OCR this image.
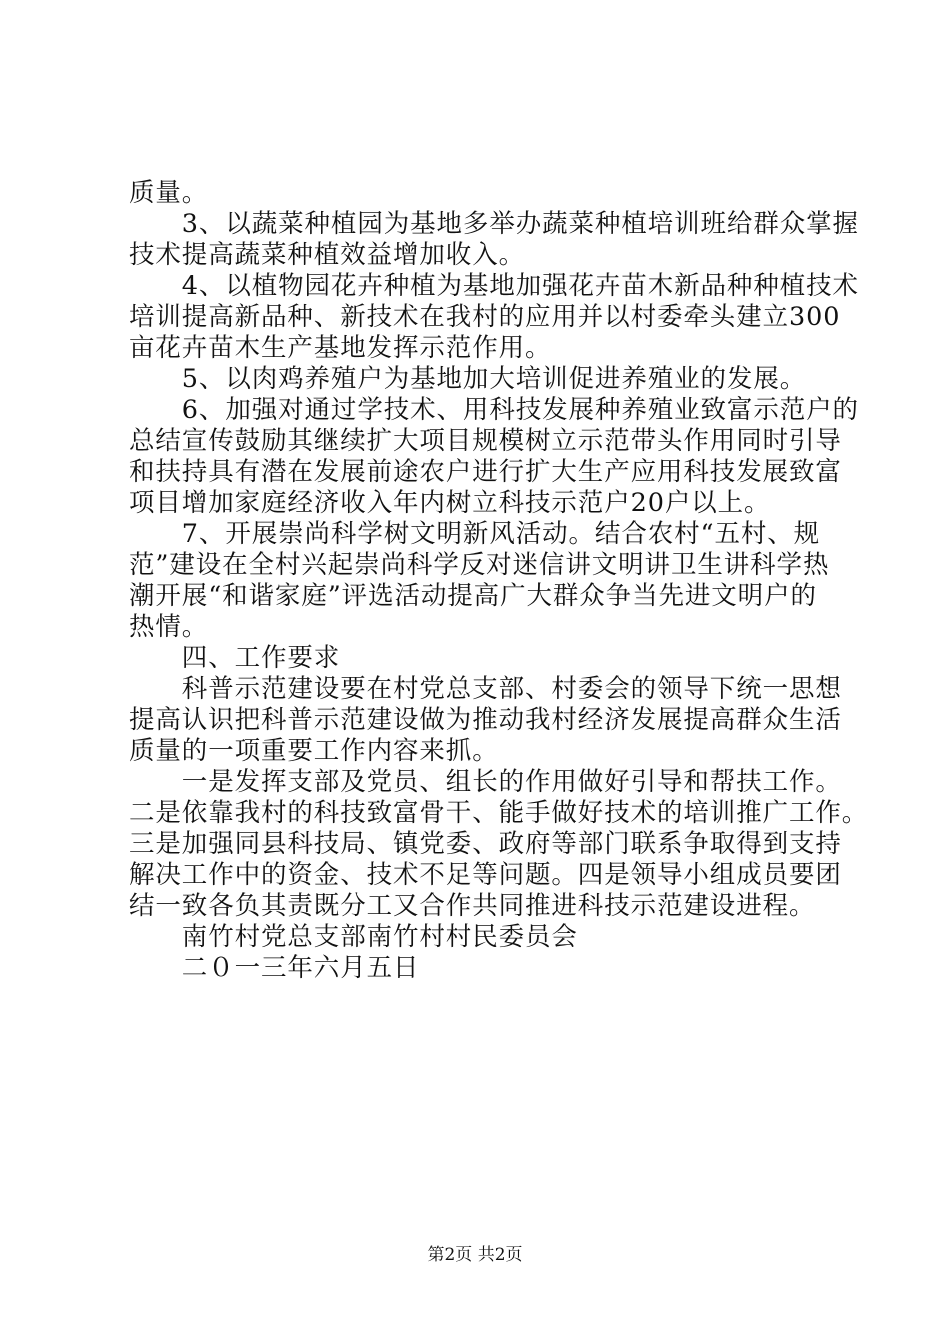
质量。
　　3、以蔬菜种植园为基地多举办蔬菜种植培训班给群众掌握
技术提高蔬菜种植效益增加收入。
　　4、以植物园花卉种植为基地加强花卉苗木新品种种植技术
培训提高新品种、新技术在我村的应用并以村委牵头建立300
亩花卉苗木生产基地发挥示范作用。
　　5、以肉鸡养殖户为基地加大培训促进养殖业的发展。
　　6、加强对通过学技术、用科技发展种养殖业致富示范户的
总结宣传鼓励其继续扩大项目规模树立示范带头作用同时引导
和扶持具有潜在发展前途农户进行扩大生产应用科技发展致富
项目增加家庭经济收入年内树立科技示范户20户以上。
　　7、开展崇尚科学树文明新风活动。结合农村“五村、规
范”建设在全村兴起崇尚科学反对迷信讲文明讲卫生讲科学热
潮开展“和谐家庭”评选活动提高广大群众争当先进文明户的
热情。
　　四、工作要求
　　科普示范建设要在村党总支部、村委会的领导下统一思想
提高认识把科普示范建设做为推动我村经济发展提高群众生活
质量的一项重要工作内容来抓。
　　一是发挥支部及党员、组长的作用做好引导和帮扶工作。
二是依靠我村的科技致富骨干、能手做好技术的培训推广工作。
三是加强同县科技局、镇党委、政府等部门联系争取得到支持
解决工作中的资金、技术不足等问题。四是领导小组成员要团
结一致各负其责既分工又合作共同推进科技示范建设进程。
　　南竹村党总支部南竹村村民委员会
　　二０一三年六月五日
第2页 共2页
